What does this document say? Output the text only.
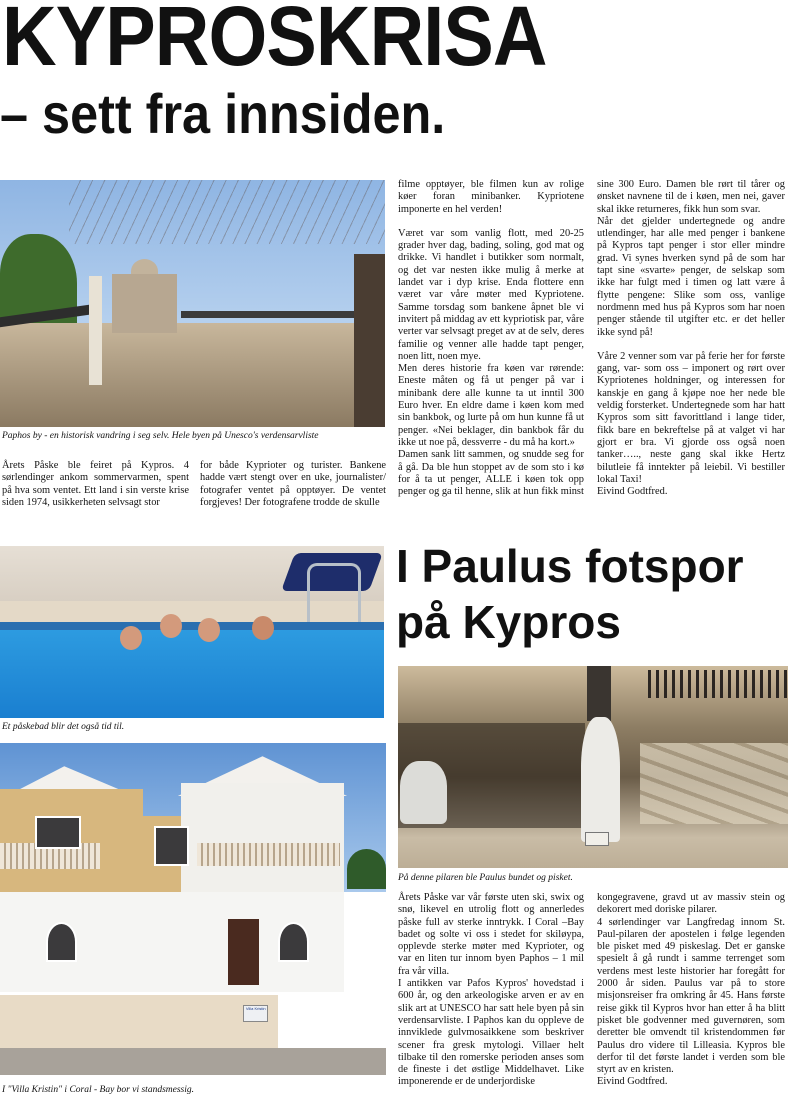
KYPROSKRISA
– sett fra innsiden.
Paphos by - en historisk vandring i seg selv. Hele byen på Unesco's verdensarvliste

Årets Påske ble feiret på Kypros. 4 sørlendinger ankom sommervarmen, spent på hva som ventet. Ett land i sin verste krise siden 1974, usikkerheten selvsagt stor

for både Kyprioter og turister. Bankene hadde vært stengt over en uke, journalister/ fotografer ventet på opptøyer. De ventet forgjeves! Der fotografene trodde de skulle

filme opptøyer, ble filmen kun av rolige køer foran minibanker. Kypriotene imponerte en hel verden!

Været var som vanlig flott, med 20-25 grader hver dag, bading, soling, god mat og drikke. Vi handlet i butikker som normalt, og det var nesten ikke mulig å merke at landet var i dyp krise. Enda flottere enn været var våre møter med Kypriotene. Samme torsdag som bankene åpnet ble vi invitert på middag av ett kypriotisk par, våre verter var selvsagt preget av at de selv, deres familie og venner alle hadde tapt penger, noen litt, noen mye.

Men deres historie fra køen var rørende: Eneste måten og få ut penger på var i minibank dere alle kunne ta ut inntil 300 Euro hver. En eldre dame i køen kom med sin bankbok, og lurte på om hun kunne få ut penger. «Nei beklager, din bankbok får du ikke ut noe på, dessverre - du må ha kort.»

Damen sank litt sammen, og snudde seg for å gå. Da ble hun stoppet av de som sto i kø for å ta ut penger, ALLE i køen tok opp penger og ga til henne, slik at hun fikk minst

sine 300 Euro. Damen ble rørt til tårer og ønsket navnene til de i køen, men nei, gaver skal ikke returneres, fikk hun som svar.

Når det gjelder undertegnede og andre utlendinger, har alle med penger i bankene på Kypros tapt penger i stor eller mindre grad. Vi synes hverken synd på de som har tapt sine «svarte» penger, de selskap som ikke har fulgt med i timen og latt være å flytte pengene: Slike som oss, vanlige nordmenn med hus på Kypros som har noen penger stående til utgifter etc. er det heller ikke synd på!

Våre 2 venner som var på ferie her for første gang, var- som oss – imponert og rørt over Kypriotenes holdninger, og interessen for kanskje en gang å kjøpe noe her nede ble veldig forsterket. Undertegnede som har hatt Kypros som sitt favorittland i lange tider, fikk bare en bekreftelse på at valget vi har gjort er bra. Vi gjorde oss også noen tanker….., neste gang skal ikke Hertz bilutleie få inntekter på leiebil. Vi bestiller lokal Taxi!

Eivind Godtfred.

Et påskebad blir det også tid til.
Villa Kristin
I "Villa Kristin" i Coral - Bay bor vi standsmessig.
I Paulus fotspor
på Kypros
På denne pilaren ble Paulus bundet og pisket.

Årets Påske var vår første uten ski, swix og snø, likevel en utrolig flott og annerledes påske full av sterke inntrykk. I Coral –Bay badet og solte vi oss i stedet for skiløypa, opplevde sterke møter med Kyprioter, og var en liten tur innom byen Paphos – 1 mil fra vår villa.

I antikken var Pafos Kypros' hovedstad i 600 år, og den arkeologiske arven er av en slik art at UNESCO har satt hele byen på sin verdensarvliste. I Paphos kan du oppleve de innviklede gulvmosaikkene som beskriver scener fra gresk mytologi. Villaer helt tilbake til den romerske perioden anses som de fineste i det østlige Middelhavet. Like imponerende er de underjordiske

kongegravene, gravd ut av massiv stein og dekorert med doriske pilarer.

4 sørlendinger var Langfredag innom St. Paul-pilaren der apostelen i følge legenden ble pisket med 49 piskeslag. Det er ganske spesielt å gå rundt i samme terrenget som verdens mest leste historier har foregått for 2000 år siden. Paulus var på to store misjonsreiser fra omkring år 45. Hans første reise gikk til Kypros hvor han etter å ha blitt pisket ble godvenner med guvernøren, som deretter ble omvendt til kristendommen før Paulus dro videre til Lilleasia. Kypros ble derfor til det første landet i verden som ble styrt av en kristen.

Eivind Godtfred.
